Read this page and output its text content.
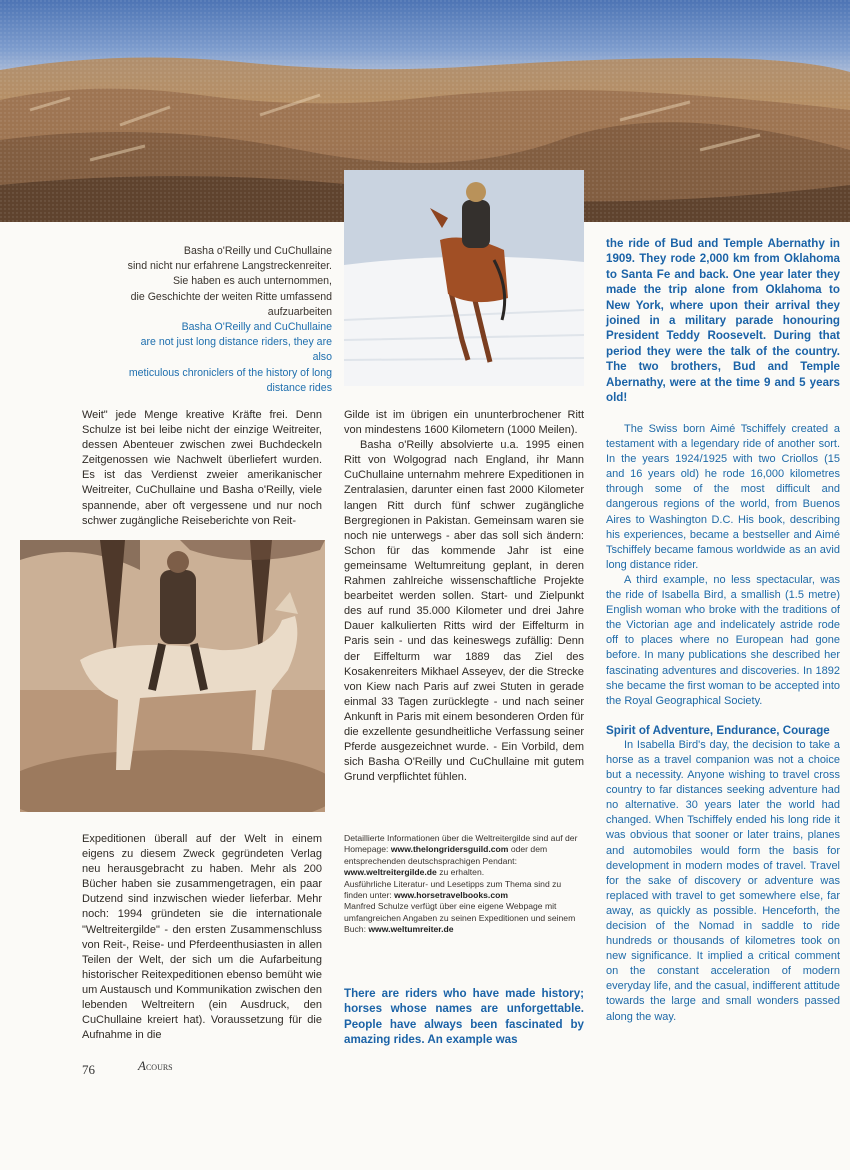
Basha o'Reilly und CuChullaine
sind nicht nur erfahrene Langstreckenreiter.
Sie haben es auch unternommen,
die Geschichte der weiten Ritte umfassend
aufzuarbeiten
Basha O'Reilly and CuChullaine
are not just long distance riders, they are also
meticulous chroniclers of the history of long
distance rides

Weit" jede Menge kreative Kräfte frei. Denn Schulze ist bei leibe nicht der einzige Weitreiter, dessen Abenteuer zwischen zwei Buchdeckeln Zeitgenossen wie Nachwelt überliefert wurden. Es ist das Verdienst zweier amerikanischer Weitreiter, CuChullaine und Basha o'Reilly, viele spannende, aber oft vergessene und nur noch schwer zugängliche Reiseberichte von Reit-

Expeditionen überall auf der Welt in einem eigens zu diesem Zweck gegründeten Verlag neu herausgebracht zu haben. Mehr als 200 Bücher haben sie zusammengetragen, ein paar Dutzend sind inzwischen wieder lieferbar. Mehr noch: 1994 gründeten sie die internationale "Weltreitergilde" - den ersten Zusammenschluss von Reit-, Reise- und Pferdeenthusiasten in allen Teilen der Welt, der sich um die Aufarbeitung historischer Reitexpeditionen ebenso bemüht wie um Austausch und Kommunikation zwischen den lebenden Weltreitern (ein Ausdruck, den CuChullaine kreiert hat). Voraussetzung für die Aufnahme in die

Gilde ist im übrigen ein ununterbrochener Ritt von mindestens 1600 Kilometern (1000 Meilen).

Basha o'Reilly absolvierte u.a. 1995 einen Ritt von Wolgograd nach England, ihr Mann CuChullaine unternahm mehrere Expeditionen in Zentralasien, darunter einen fast 2000 Kilometer langen Ritt durch fünf schwer zugängliche Bergregionen in Pakistan. Gemeinsam waren sie noch nie unterwegs - aber das soll sich ändern: Schon für das kommende Jahr ist eine gemeinsame Weltumreitung geplant, in deren Rahmen zahlreiche wissenschaftliche Projekte bearbeitet werden sollen. Start- und Zielpunkt des auf rund 35.000 Kilometer und drei Jahre Dauer kalkulierten Ritts wird der Eiffelturm in Paris sein - und das keineswegs zufällig: Denn der Eiffelturm war 1889 das Ziel des Kosakenreiters Mikhael Asseyev, der die Strecke von Kiew nach Paris auf zwei Stuten in gerade einmal 33 Tagen zurücklegte - und nach seiner Ankunft in Paris mit einem besonderen Orden für die exzellente gesundheitliche Verfassung seiner Pferde ausgezeichnet wurde. - Ein Vorbild, dem sich Basha O'Reilly und CuChullaine mit gutem Grund verpflichtet fühlen.

Detaillierte Informationen über die Weltreitergilde sind auf der Homepage: www.thelongridersguild.com oder dem entsprechenden deutschsprachigen Pendant: www.weltreitergilde.de zu erhalten.

Ausführliche Literatur- und Lesetipps zum Thema sind zu finden unter: www.horsetravelbooks.com

Manfred Schulze verfügt über eine eigene Webpage mit umfangreichen Angaben zu seinen Expeditionen und seinem Buch: www.weltumreiter.de

There are riders who have made history; horses whose names are unforgettable. People have always been fascinated by amazing rides. An example was
the ride of Bud and Temple Abernathy in 1909. They rode 2,000 km from Oklahoma to Santa Fe and back. One year later they made the trip alone from Oklahoma to New York, where upon their arrival they joined in a military parade honouring President Teddy Roosevelt. During that period they were the talk of the country. The two brothers, Bud and Temple Abernathy, were at the time 9 and 5 years old!

The Swiss born Aimé Tschiffely created a testament with a legendary ride of another sort. In the years 1924/1925 with two Criollos (15 and 16 years old) he rode 16,000 kilometres through some of the most difficult and dangerous regions of the world, from Buenos Aires to Washington D.C. His book, describing his experiences, became a bestseller and Aimé Tschiffely became famous worldwide as an avid long distance rider.

A third example, no less spectacular, was the ride of Isabella Bird, a smallish (1.5 metre) English woman who broke with the traditions of the Victorian age and indelicately astride rode off to places where no European had gone before. In many publications she described her fascinating adventures and discoveries. In 1892 she became the first woman to be accepted into the Royal Geographical Society.

Spirit of Adventure, Endurance, Courage

In Isabella Bird's day, the decision to take a horse as a travel companion was not a choice but a necessity. Anyone wishing to travel cross country to far distances seeking adventure had no alternative. 30 years later the world had changed. When Tschiffely ended his long ride it was obvious that sooner or later trains, planes and automobiles would form the basis for development in modern modes of travel. Travel for the sake of discovery or adventure was replaced with travel to get somewhere else, far away, as quickly as possible. Henceforth, the decision of the Nomad in saddle to ride hundreds or thousands of kilometres took on new significance. It implied a critical comment on the constant acceleration of modern everyday life, and the casual, indifferent attitude towards the large and small wonders passed along the way.

76	ACOURS
